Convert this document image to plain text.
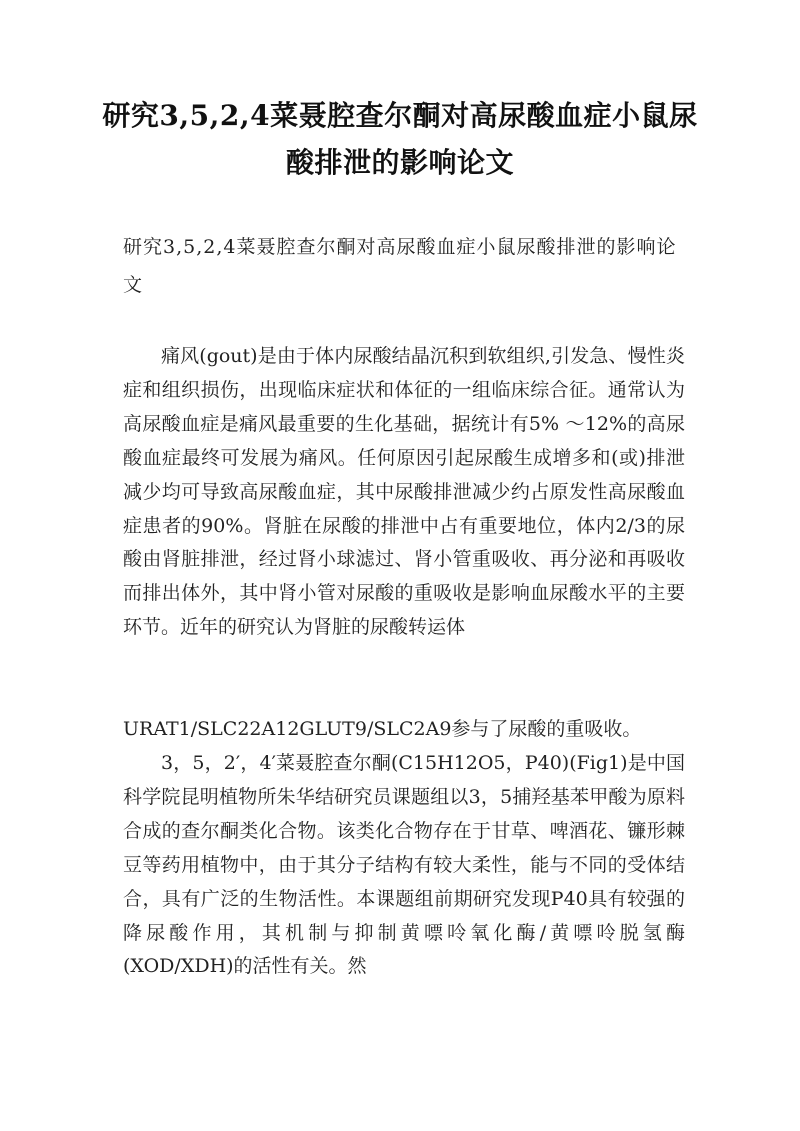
研究3,5,2,4菜聂腔查尔酮对高尿酸血症小鼠尿酸排泄的影响论文

研究3,5,2,4菜聂腔查尔酮对高尿酸血症小鼠尿酸排泄的影响论文

痛风(gout)是由于体内尿酸结晶沉积到软组织,引发急、慢性炎症和组织损伤，出现临床症状和体征的一组临床综合征。通常认为高尿酸血症是痛风最重要的生化基础，据统计有5% ～12%的高尿酸血症最终可发展为痛风。任何原因引起尿酸生成增多和(或)排泄减少均可导致高尿酸血症，其中尿酸排泄减少约占原发性高尿酸血症患者的90%。肾脏在尿酸的排泄中占有重要地位，体内2/3的尿酸由肾脏排泄，经过肾小球滤过、肾小管重吸收、再分泌和再吸收而排出体外，其中肾小管对尿酸的重吸收是影响血尿酸水平的主要环节。近年的研究认为肾脏的尿酸转运体

URAT1/SLC22A12GLUT9/SLC2A9参与了尿酸的重吸收。

3，5，2′，4′菜聂腔查尔酮(C15H12O5，P40)(Fig1)是中国科学院昆明植物所朱华结研究员课题组以3，5捕羟基苯甲酸为原料合成的查尔酮类化合物。该类化合物存在于甘草、啤酒花、镰形棘豆等药用植物中，由于其分子结构有较大柔性，能与不同的受体结合，具有广泛的生物活性。本课题组前期研究发现P40具有较强的降尿酸作用，其机制与抑制黄嘌呤氧化酶/黄嘌呤脱氢酶(XOD/XDH)的活性有关。然
